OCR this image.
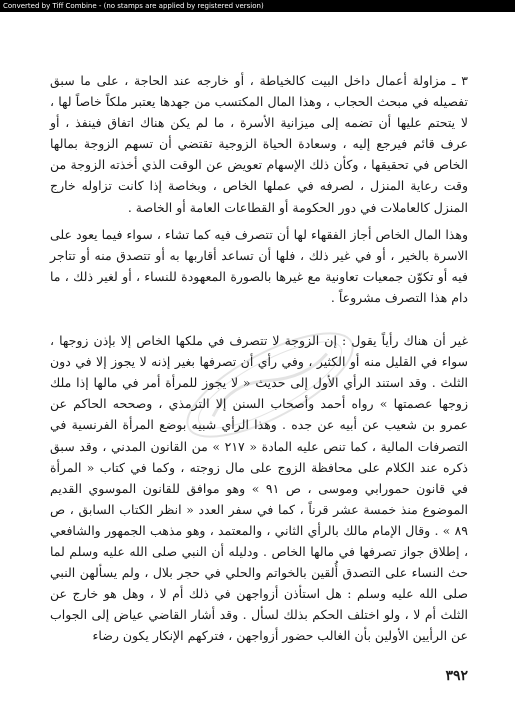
Converted by Tiff Combine - (no stamps are applied by registered version)

٣ ـ مزاولة أعمال داخل البيت كالخياطة ، أو خارجه عند الحاجة ، على ما سبق تفصيله في مبحث الحجاب ، وهذا المال المكتسب من جهدها يعتبر ملكاً خاصاً لها ، لا يتحتم عليها أن تضمه إلى ميزانية الأسرة ، ما لم يكن هناك اتفاق فينفذ ، أو عرف قائم فيرجع إليه ، وسعادة الحياة الزوجية تقتضي أن تسهم الزوجة بمالها الخاص في تحقيقها ، وكأن ذلك الإسهام تعويض عن الوقت الذي أخذته الزوجة من وقت رعاية المنزل ، لصرفه في عملها الخاص ، وبخاصة إذا كانت تزاوله خارج المنزل كالعاملات في دور الحكومة أو القطاعات العامة أو الخاصة .

وهذا المال الخاص أجاز الفقهاء لها أن تتصرف فيه كما تشاء ، سواء فيما يعود على الاسرة بالخير ، أو في غير ذلك ، فلها أن تساعد أقاربها به أو تتصدق منه أو تتاجر فيه أو تكوّن جمعيات تعاونية مع غيرها بالصورة المعهودة للنساء ، أو لغير ذلك ، ما دام هذا التصرف مشروعاً .

غير أن هناك رأياً يقول : إن الزوجة لا تتصرف في ملكها الخاص إلا بإذن زوجها ، سواء في القليل منه أو الكثير ، وفي رأي أن تصرفها بغير إذنه لا يجوز إلا في دون الثلث . وقد استند الرأي الأول إلى حديث « لا يجوز للمرأة أمر في مالها إذا ملك زوجها عصمتها » رواه أحمد وأصحاب السنن إلا الترمذي ، وصححه الحاكم عن عمرو بن شعيب عن أبيه عن جده . وهذا الرأي شبيه بوضع المرأة الفرنسية في التصرفات المالية ، كما تنص عليه المادة « ٢١٧ » من القانون المدني ، وقد سبق ذكره عند الكلام على محافظة الزوج على مال زوجته ، وكما في كتاب « المرأة في قانون حمورابي وموسى ، ص ٩١ » وهو موافق للقانون الموسوي القديم الموضوع منذ خمسة عشر قرناً ، كما في سفر العدد « انظر الكتاب السابق ، ص ٨٩ » . وقال الإمام مالك بالرأي الثاني ، والمعتمد ، وهو مذهب الجمهور والشافعي ، إطلاق جواز تصرفها في مالها الخاص . ودليله أن النبي صلى الله عليه وسلم لما حث النساء على التصدق أُلقين بالخواتم والحلي في حجر بلال ، ولم يسألهن النبي صلى الله عليه وسلم : هل استأذن أزواجهن في ذلك أم لا ، وهل هو خارج عن الثلث أم لا ، ولو اختلف الحكم بذلك لسأل . وقد أشار القاضي عياض إلى الجواب عن الرأيين الأولين بأن الغالب حضور أزواجهن ، فتركهم الإنكار يكون رضاء

٣٩٢
